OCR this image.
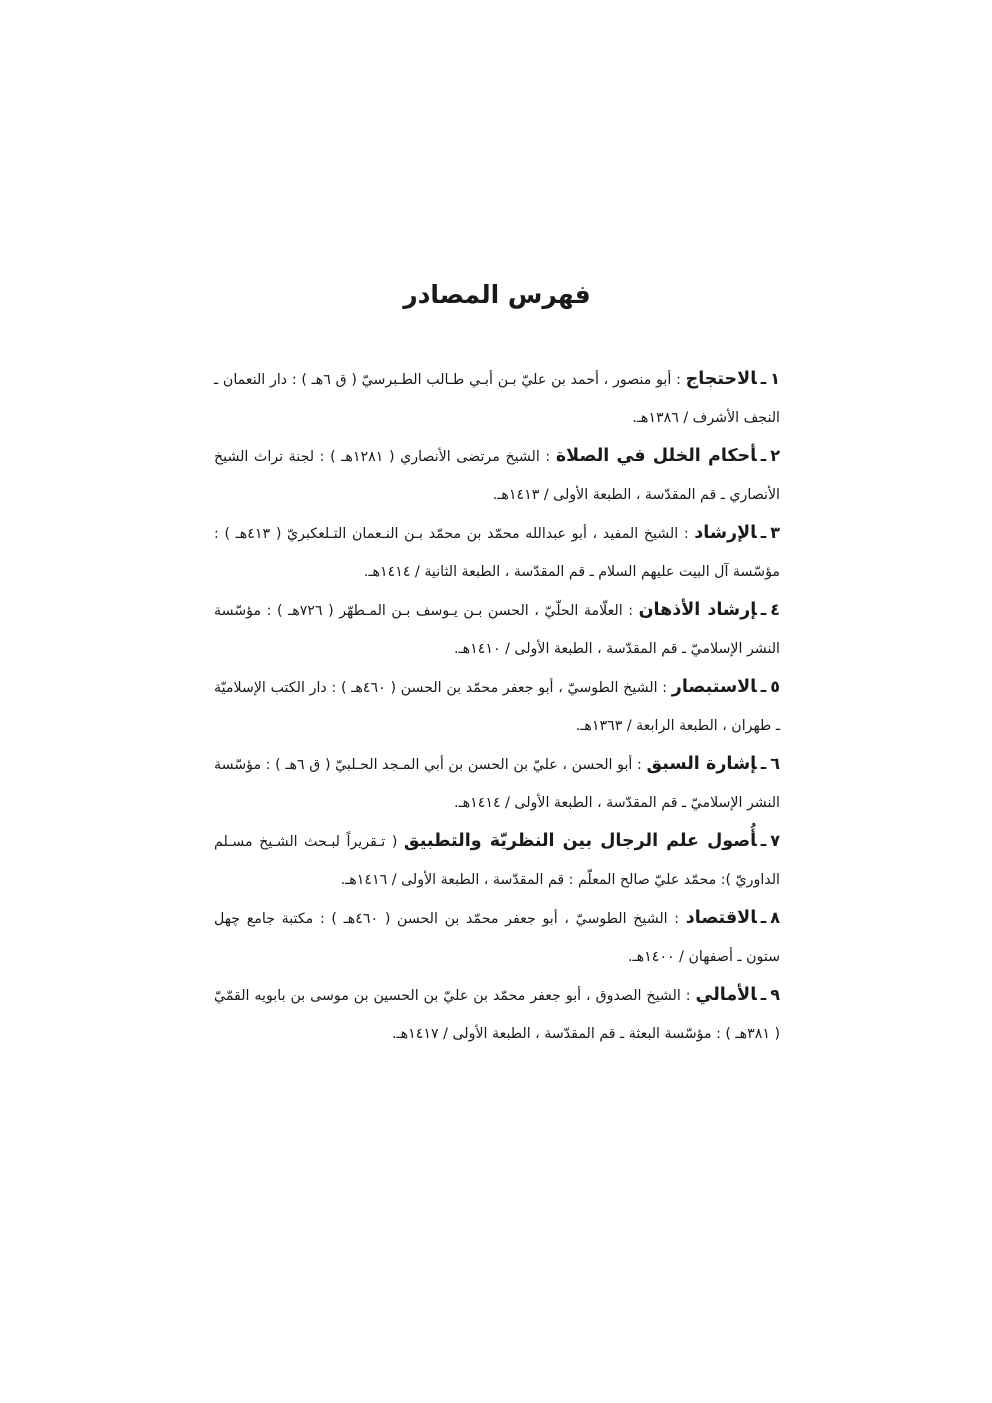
فهرس المصادر
١ـالاحتجاج : أبو منصور ، أحمد بن عليّ بـن أبـي طـالب الطـبرسيّ ( ق ٦هـ ) : دار النعمان ـ النجف الأشرف / ١٣٨٦هـ.
٢ـأحكام الخلل في الصلاة : الشيخ مرتضى الأنصاري ( ١٢٨١هـ ) : لجنة تراث الشيخ الأنصاري ـ قم المقدّسة ، الطبعة الأولى / ١٤١٣هـ.
٣ـالإرشاد : الشيخ المفيد ، أبو عبدالله محمّد بن محمّد بـن النـعمان التـلعكبريّ ( ٤١٣هـ ) : مؤسّسة آل البيت عليهم السلام ـ قم المقدّسة ، الطبعة الثانية / ١٤١٤هـ.
٤ـإرشاد الأذهان : العلّامة الحلّيّ ، الحسن بـن يـوسف بـن المـطهّر ( ٧٢٦هـ ) : مؤسّسة النشر الإسلاميّ ـ قم المقدّسة ، الطبعة الأولى / ١٤١٠هـ.
٥ـالاستبصار : الشيخ الطوسيّ ، أبو جعفر محمّد بن الحسن ( ٤٦٠هـ ) : دار الكتب الإسلاميّة ـ طهران ، الطبعة الرابعة / ١٣٦٣هـ.
٦ـإشارة السبق : أبو الحسن ، عليّ بن الحسن بن أبي المـجد الحـلبيّ ( ق ٦هـ ) : مؤسّسة النشر الإسلاميّ ـ قم المقدّسة ، الطبعة الأولى / ١٤١٤هـ.
٧ـأُصول علم الرجال بين النظريّة والتطبيق ( تـقريراً لبـحث الشـيخ مسـلم الداوريّ ): محمّد عليّ صالح المعلّم : قم المقدّسة ، الطبعة الأولى / ١٤١٦هـ.
٨ـالاقتصاد : الشيخ الطوسيّ ، أبو جعفر محمّد بن الحسن ( ٤٦٠هـ ) : مكتبة جامع چهل ستون ـ أصفهان / ١٤٠٠هـ.
٩ـالأمالي : الشيخ الصدوق ، أبو جعفر محمّد بن عليّ بن الحسين بن موسى بن بابويه القمّيّ ( ٣٨١هـ ) : مؤسّسة البعثة ـ قم المقدّسة ، الطبعة الأولى / ١٤١٧هـ.
